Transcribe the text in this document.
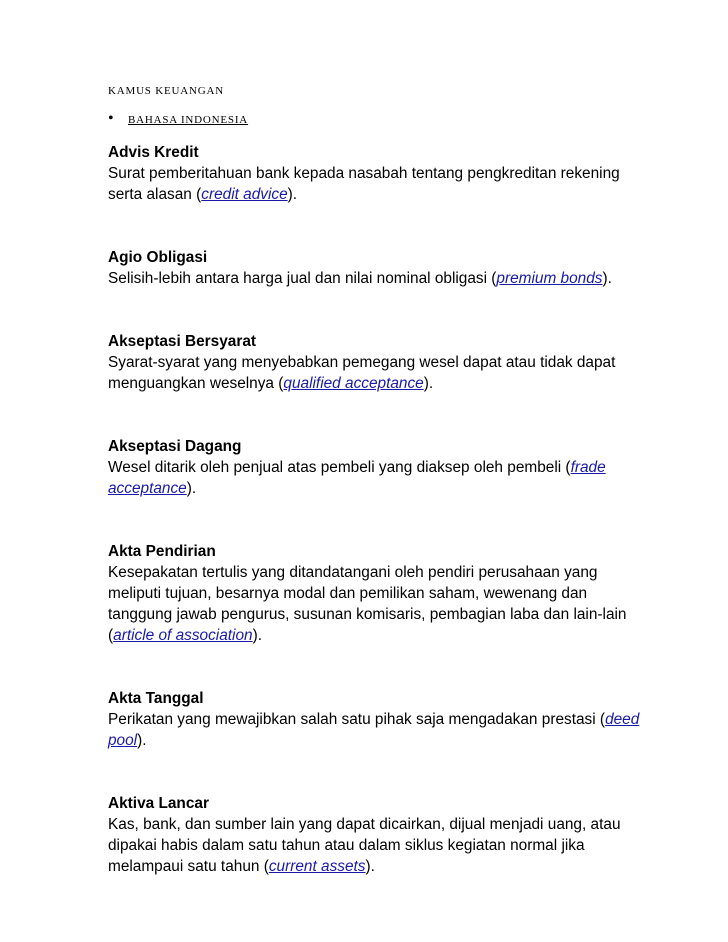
KAMUS KEUANGAN

•	BAHASA INDONESIA
Advis Kredit
Surat pemberitahuan bank kepada nasabah tentang pengkreditan rekening serta alasan (credit advice).
Agio Obligasi
Selisih-lebih antara harga jual dan nilai nominal obligasi (premium bonds).
Akseptasi Bersyarat
Syarat-syarat yang menyebabkan pemegang wesel dapat atau tidak dapat menguangkan weselnya (qualified acceptance).
Akseptasi Dagang
Wesel ditarik oleh penjual atas pembeli yang diaksep oleh pembeli (frade acceptance).
Akta Pendirian
Kesepakatan tertulis yang ditandatangani oleh pendiri perusahaan yang meliputi tujuan, besarnya modal dan pemilikan saham, wewenang dan tanggung jawab pengurus, susunan komisaris, pembagian laba dan lain-lain (article of association).
Akta Tanggal
Perikatan yang mewajibkan salah satu pihak saja mengadakan prestasi (deed pool).
Aktiva Lancar
Kas, bank, dan sumber lain yang dapat dicairkan, dijual menjadi uang, atau dipakai habis dalam satu tahun atau dalam siklus kegiatan normal jika melampaui satu tahun (current assets).
